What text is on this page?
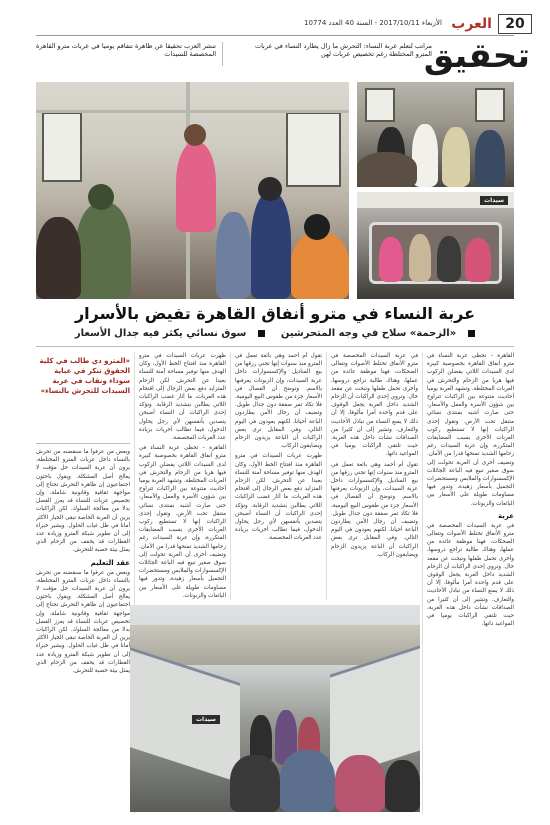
20
العرب
الأربعاء 2017/10/11 - السنة 40 العدد 10774
تحقيق
مراتب لتعلم عربة النساء: التحرش ما زال يطارد النساء في عربات المترو المختلطة رغم تخصيص عربات لهن
تنشر العرب تحقيقا عن ظاهرة تتفاقم يوميا في عربات مترو القاهرة المخصصة للسيدات
سيدات
عربة النساء في مترو أنفاق القاهرة تفيض بالأسرار
«الزحمة» سلاح في وجه المتحرشين سوق نسائي يكثر فيه جدال الأسعار

القاهرة – تحظى عربة النساء في مترو أنفاق القاهرة بخصوصية كبيرة لدى السيدات اللاتي يفضلن الركوب فيها هربا من الزحام والتحرش في العربات المختلطة. وتشهد العربة يوميا أحاديث متنوعة بين الراكبات تتراوح بين شؤون الأسرة والعمل والأسعار، حتى صارت أشبه بمنتدى نسائي متنقل تحت الأرض. وتقول إحدى الراكبات إنها لا تستطيع ركوب العربات الأخرى بسبب المضايقات المتكررة، وإن عربة السيدات رغم زحامها الشديد تمنحها قدرا من الأمان. وتضيف أخرى أن العربة تحولت إلى سوق صغير تبيع فيه الباعة الجائلات الإكسسوارات والملابس ومستحضرات التجميل بأسعار زهيدة، وتدور فيها مساومات طويلة على الأسعار بين البائعات والزبونات.

عربة

في عربة السيدات المخصصة في مترو الأنفاق تختلط الأصوات وتتعالى الضحكات، فهنا موظفة عائدة من عملها، وهناك طالبة تراجع دروسها، وأخرى تحمل طفلها وتبحث عن مقعد خال. وتروي إحدى الراكبات أن الزحام الشديد داخل العربة يجعل الوقوف على قدم واحدة أمرا مألوفا، إلا أن ذلك لا يمنع النساء من تبادل الأحاديث والتعارف. وتشير إلى أن كثيرا من الصداقات نشأت داخل هذه العربة، حيث تلتقي الراكبات يوميا في المواعيد ذاتها.

في عربة السيدات المخصصة في مترو الأنفاق تختلط الأصوات وتتعالى الضحكات، فهنا موظفة عائدة من عملها، وهناك طالبة تراجع دروسها، وأخرى تحمل طفلها وتبحث عن مقعد خال. وتروي إحدى الراكبات أن الزحام الشديد داخل العربة يجعل الوقوف على قدم واحدة أمرا مألوفا، إلا أن ذلك لا يمنع النساء من تبادل الأحاديث والتعارف. وتشير إلى أن كثيرا من الصداقات نشأت داخل هذه العربة، حيث تلتقي الراكبات يوميا في المواعيد ذاتها.

تقول أم أحمد وهي بائعة تعمل في المترو منذ سنوات إنها تجني رزقها من بيع المناديل والإكسسوارات داخل عربة السيدات، وإن الزبونات يعرفنها بالاسم. وتوضح أن الفصال في الأسعار جزء من طقوس البيع اليومية، فلا تكاد تمر صفقة دون جدال طويل. وتضيف أن رجال الأمن يطاردون الباعة أحيانا، لكنهم يعودون في اليوم التالي. وفي المقابل ترى بعض الراكبات أن الباعة يزيدون الزحام ويضايقون الركاب.

تقول أم أحمد وهي بائعة تعمل في المترو منذ سنوات إنها تجني رزقها من بيع المناديل والإكسسوارات داخل عربة السيدات، وإن الزبونات يعرفنها بالاسم. وتوضح أن الفصال في الأسعار جزء من طقوس البيع اليومية، فلا تكاد تمر صفقة دون جدال طويل. وتضيف أن رجال الأمن يطاردون الباعة أحيانا، لكنهم يعودون في اليوم التالي. وفي المقابل ترى بعض الراكبات أن الباعة يزيدون الزحام ويضايقون الركاب.

ظهرت عربات السيدات في مترو القاهرة منذ افتتاح الخط الأول، وكان الهدف منها توفير مساحة آمنة للنساء بعيدا عن التحرش. لكن الزحام المتزايد دفع بعض الرجال إلى اقتحام هذه العربات، ما أثار غضب الراكبات اللاتي يطالبن بتشديد الرقابة. وتؤكد إحدى الراكبات أن النساء أصبحن يتصدين بأنفسهن لأي رجل يحاول الدخول، فيما تطالب أخريات بزيادة عدد العربات المخصصة.

ظهرت عربات السيدات في مترو القاهرة منذ افتتاح الخط الأول، وكان الهدف منها توفير مساحة آمنة للنساء بعيدا عن التحرش. لكن الزحام المتزايد دفع بعض الرجال إلى اقتحام هذه العربات، ما أثار غضب الراكبات اللاتي يطالبن بتشديد الرقابة. وتؤكد إحدى الراكبات أن النساء أصبحن يتصدين بأنفسهن لأي رجل يحاول الدخول، فيما تطالب أخريات بزيادة عدد العربات المخصصة.

القاهرة – تحظى عربة النساء في مترو أنفاق القاهرة بخصوصية كبيرة لدى السيدات اللاتي يفضلن الركوب فيها هربا من الزحام والتحرش في العربات المختلطة. وتشهد العربة يوميا أحاديث متنوعة بين الراكبات تتراوح بين شؤون الأسرة والعمل والأسعار، حتى صارت أشبه بمنتدى نسائي متنقل تحت الأرض. وتقول إحدى الراكبات إنها لا تستطيع ركوب العربات الأخرى بسبب المضايقات المتكررة، وإن عربة السيدات رغم زحامها الشديد تمنحها قدرا من الأمان. وتضيف أخرى أن العربة تحولت إلى سوق صغير تبيع فيه الباعة الجائلات الإكسسوارات والملابس ومستحضرات التجميل بأسعار زهيدة، وتدور فيها مساومات طويلة على الأسعار بين البائعات والزبونات.

وبعض من عرفوا ما سنقضنه من تحرش بالنساء داخل عربات المترو المختلطة، يرون أن عربة السيدات حل مؤقت لا يعالج أصل المشكلة. ويقول باحثون اجتماعيون إن ظاهرة التحرش تحتاج إلى مواجهة ثقافية وقانونية شاملة، وإن تخصيص عربات للنساء قد يعزز الفصل بدلا من معالجة السلوك. لكن الراكبات يرين أن العربة الخاصة تبقى الخيار الأكثر أمانا في ظل غياب الحلول. ويشير خبراء إلى أن تطوير شبكة المترو وزيادة عدد القطارات قد يخفف من الزحام الذي يمثل بيئة خصبة للتحرش.

عقد التعليم

وبعض من عرفوا ما سنقضنه من تحرش بالنساء داخل عربات المترو المختلطة، يرون أن عربة السيدات حل مؤقت لا يعالج أصل المشكلة. ويقول باحثون اجتماعيون إن ظاهرة التحرش تحتاج إلى مواجهة ثقافية وقانونية شاملة، وإن تخصيص عربات للنساء قد يعزز الفصل بدلا من معالجة السلوك. لكن الراكبات يرين أن العربة الخاصة تبقى الخيار الأكثر أمانا في ظل غياب الحلول. ويشير خبراء إلى أن تطوير شبكة المترو وزيادة عدد القطارات قد يخفف من الزحام الذي يمثل بيئة خصبة للتحرش.

«المترو دي طالب في كلية الحقوق تنكر في عباية سوداء ونقاب في عربة السيدات للتحرش بالنساء»
سيدات
